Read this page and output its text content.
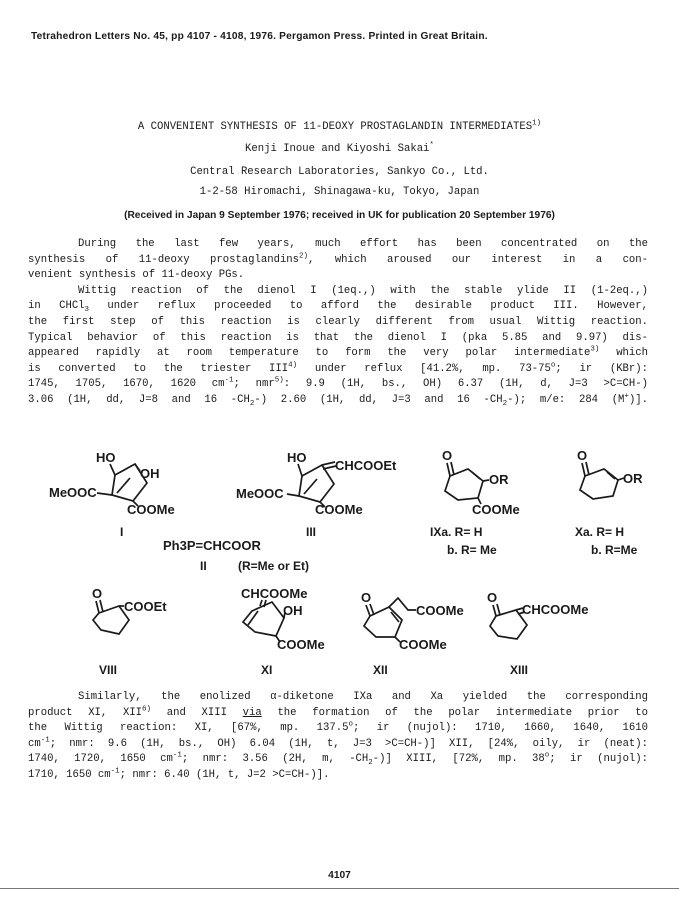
Tetrahedron Letters No. 45, pp 4107 - 4108, 1976. Pergamon Press. Printed in Great Britain.
A CONVENIENT SYNTHESIS OF 11-DEOXY PROSTAGLANDIN INTERMEDIATES$^{1)}$
Kenji Inoue and Kiyoshi Sakai*
Central Research Laboratories, Sankyo Co., Ltd.
1-2-58 Hiromachi, Shinagawa-ku, Tokyo, Japan
(Received in Japan 9 September 1976; received in UK for publication 20 September 1976)
During the last few years, much effort has been concentrated on the
synthesis of 11-deoxy prostaglandins$^{2)}$, which aroused our interest in a con-
venient synthesis of 11-deoxy PGs.
Wittig reaction of the dienol I (1eq.,) with the stable ylide II (1-2eq.,)
in CHCl$_3$ under reflux proceeded to afford the desirable product III. However,
the first step of this reaction is clearly different from usual Wittig reaction.
Typical behavior of this reaction is that the dienol I (pka 5.85 and 9.97) dis-
appeared rapidly at room temperature to form the very polar intermediate$^{3)}$ which
is converted to the triester III$^{4)}$ under reflux [41.2%, mp. 73-75$^o$; ir (KBr):
1745, 1705, 1670, 1620 $cm^{-1}$; nmr$^{5)}$: 9.9 (1H, bs., OH) 6.37 (1H, d, J=3 >C=CH-)
3.06 (1H, dd, J=8 and 16 $-CH_2-$) 2.60 (1H, dd, J=3 and 16 $-CH_2-$); m/e: 284 (M+)].
HO
OH
MeOOC
COOMe
I
HO
CHCOOEt
MeOOC
COOMe
III
O
OR
COOMe
IXa. R= H
b. R= Me
O
OR
Xa. R= H
b. R=Me
Ph3P=CHCOOR
II	(R=Me or Et)
O
COOEt
VIII
CHCOOMe
OH
COOMe
XI
O
COOMe
COOMe
XII
O
CHCOOMe
XIII
Similarly, the enolized α-diketone IXa and Xa yielded the corresponding
product XI, XII$^{6)}$ and XIII via the formation of the polar intermediate prior to
the Wittig reaction: XI, [67%, mp. 137.5$^o$; ir (nujol): 1710, 1660, 1640, 1610
$cm^{-1}$; nmr: 9.6 (1H, bs., OH) 6.04 (1H, t, J=3 >C=CH-)] XII, [24%, oily, ir (neat):
1740, 1720, 1650 $cm^{-1}$; nmr: 3.56 (2H, m, $-CH_2-$)] XIII, [72%, mp. 38$^o$; ir (nujol):
1710, 1650 $cm^{-1}$; nmr: 6.40 (1H, t, J=2 >C=CH-)].
4107
